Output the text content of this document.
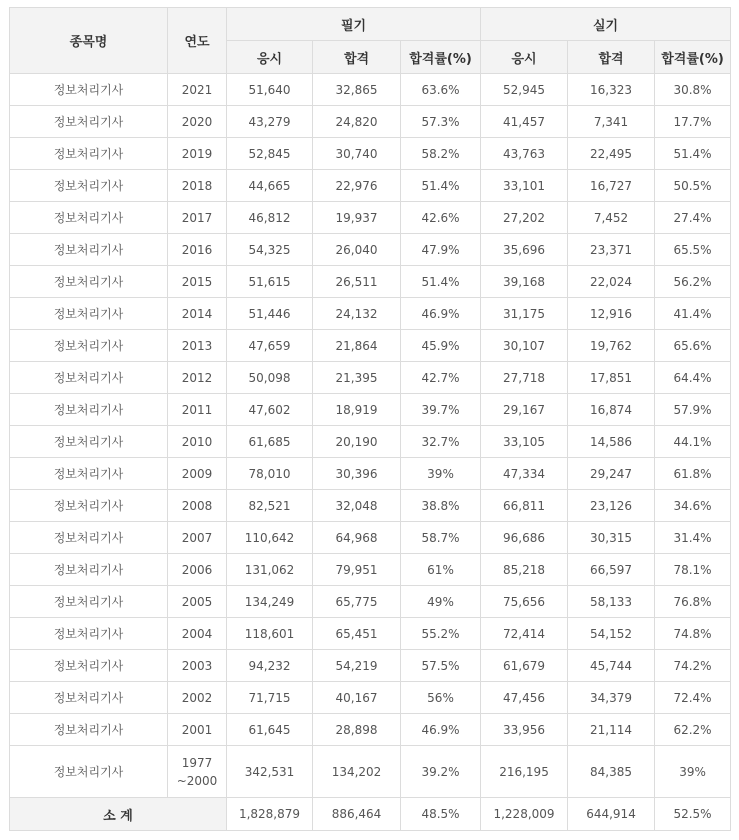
종목명	연도	필기			실기		
		응시	합격	합격률(%)	응시	합격	합격률(%)
정보처리기사	2021	51,640	32,865	63.6%	52,945	16,323	30.8%
정보처리기사	2020	43,279	24,820	57.3%	41,457	7,341	17.7%
정보처리기사	2019	52,845	30,740	58.2%	43,763	22,495	51.4%
정보처리기사	2018	44,665	22,976	51.4%	33,101	16,727	50.5%
정보처리기사	2017	46,812	19,937	42.6%	27,202	7,452	27.4%
정보처리기사	2016	54,325	26,040	47.9%	35,696	23,371	65.5%
정보처리기사	2015	51,615	26,511	51.4%	39,168	22,024	56.2%
정보처리기사	2014	51,446	24,132	46.9%	31,175	12,916	41.4%
정보처리기사	2013	47,659	21,864	45.9%	30,107	19,762	65.6%
정보처리기사	2012	50,098	21,395	42.7%	27,718	17,851	64.4%
정보처리기사	2011	47,602	18,919	39.7%	29,167	16,874	57.9%
정보처리기사	2010	61,685	20,190	32.7%	33,105	14,586	44.1%
정보처리기사	2009	78,010	30,396	39%	47,334	29,247	61.8%
정보처리기사	2008	82,521	32,048	38.8%	66,811	23,126	34.6%
정보처리기사	2007	110,642	64,968	58.7%	96,686	30,315	31.4%
정보처리기사	2006	131,062	79,951	61%	85,218	66,597	78.1%
정보처리기사	2005	134,249	65,775	49%	75,656	58,133	76.8%
정보처리기사	2004	118,601	65,451	55.2%	72,414	54,152	74.8%
정보처리기사	2003	94,232	54,219	57.5%	61,679	45,744	74.2%
정보처리기사	2002	71,715	40,167	56%	47,456	34,379	72.4%
정보처리기사	2001	61,645	28,898	46.9%	33,956	21,114	62.2%
정보처리기사	1977
~2000	342,531	134,202	39.2%	216,195	84,385	39%
소 계		1,828,879	886,464	48.5%	1,228,009	644,914	52.5%
